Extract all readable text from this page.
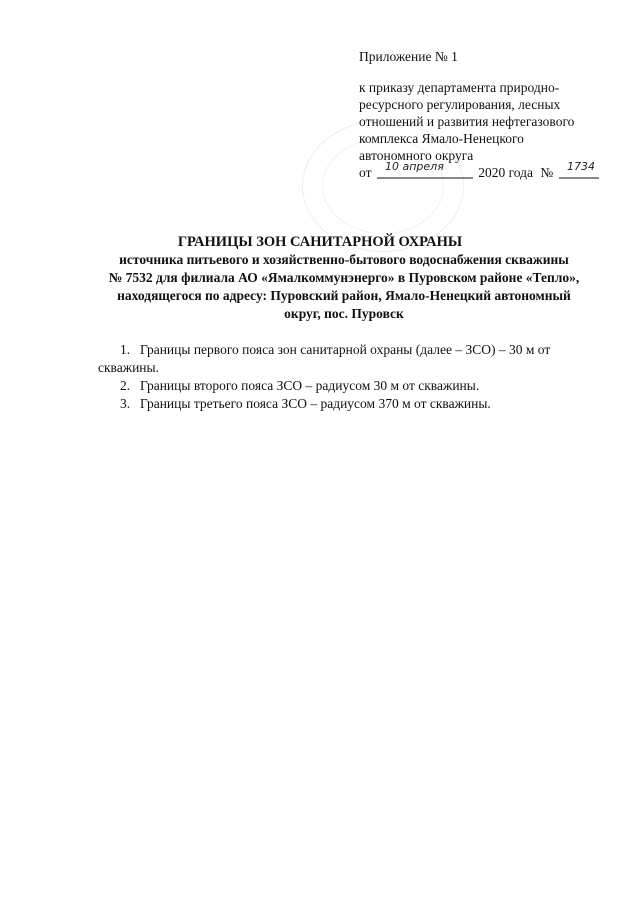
Приложение № 1
к приказу департамента природно-
ресурсного регулирования, лесных
отношений и развития нефтегазового
комплекса Ямало-Ненецкого
автономного округа
от	2020 года №
10 апреля	1734
ГРАНИЦЫ ЗОН САНИТАРНОЙ ОХРАНЫ
источника питьевого и хозяйственно-бытового водоснабжения скважины
№ 7532 для филиала АО «Ямалкоммунэнерго» в Пуровском районе «Тепло»,
находящегося по адресу: Пуровский район, Ямало-Ненецкий автономный
округ, пос. Пуровск
1. Границы первого пояса зон санитарной охраны (далее – ЗСО) – 30 м от
скважины.
2. Границы второго пояса ЗСО – радиусом 30 м от скважины.
3. Границы третьего пояса ЗСО – радиусом 370 м от скважины.
